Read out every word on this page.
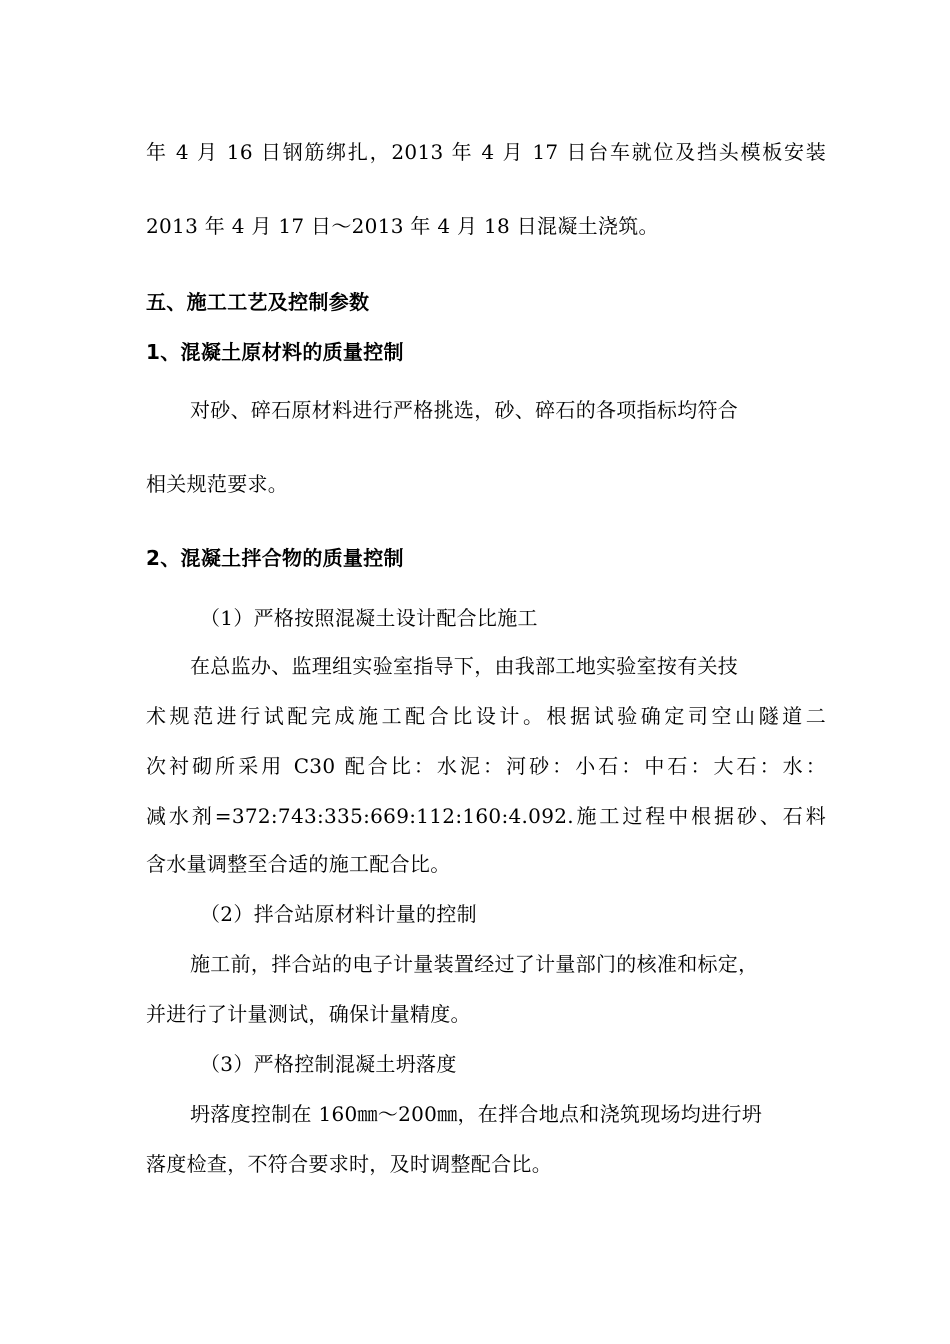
年 4 月 16 日钢筋绑扎，2013 年 4 月 17 日台车就位及挡头模板安装
2013 年 4 月 17 日～2013 年 4 月 18 日混凝土浇筑。
五、施工工艺及控制参数
1、混凝土原材料的质量控制
对砂、碎石原材料进行严格挑选，砂、碎石的各项指标均符合
相关规范要求。
2、混凝土拌合物的质量控制
（1）严格按照混凝土设计配合比施工
在总监办、监理组实验室指导下，由我部工地实验室按有关技
术规范进行试配完成施工配合比设计。根据试验确定司空山隧道二
次衬砌所采用 C30 配合比：水泥：河砂：小石：中石：大石：水：
减水剂=372:743:335:669:112:160:4.092.施工过程中根据砂、石料
含水量调整至合适的施工配合比。
（2）拌合站原材料计量的控制
施工前，拌合站的电子计量装置经过了计量部门的核准和标定，
并进行了计量测试，确保计量精度。
（3）严格控制混凝土坍落度
坍落度控制在 160㎜～200㎜，在拌合地点和浇筑现场均进行坍
落度检查，不符合要求时，及时调整配合比。
